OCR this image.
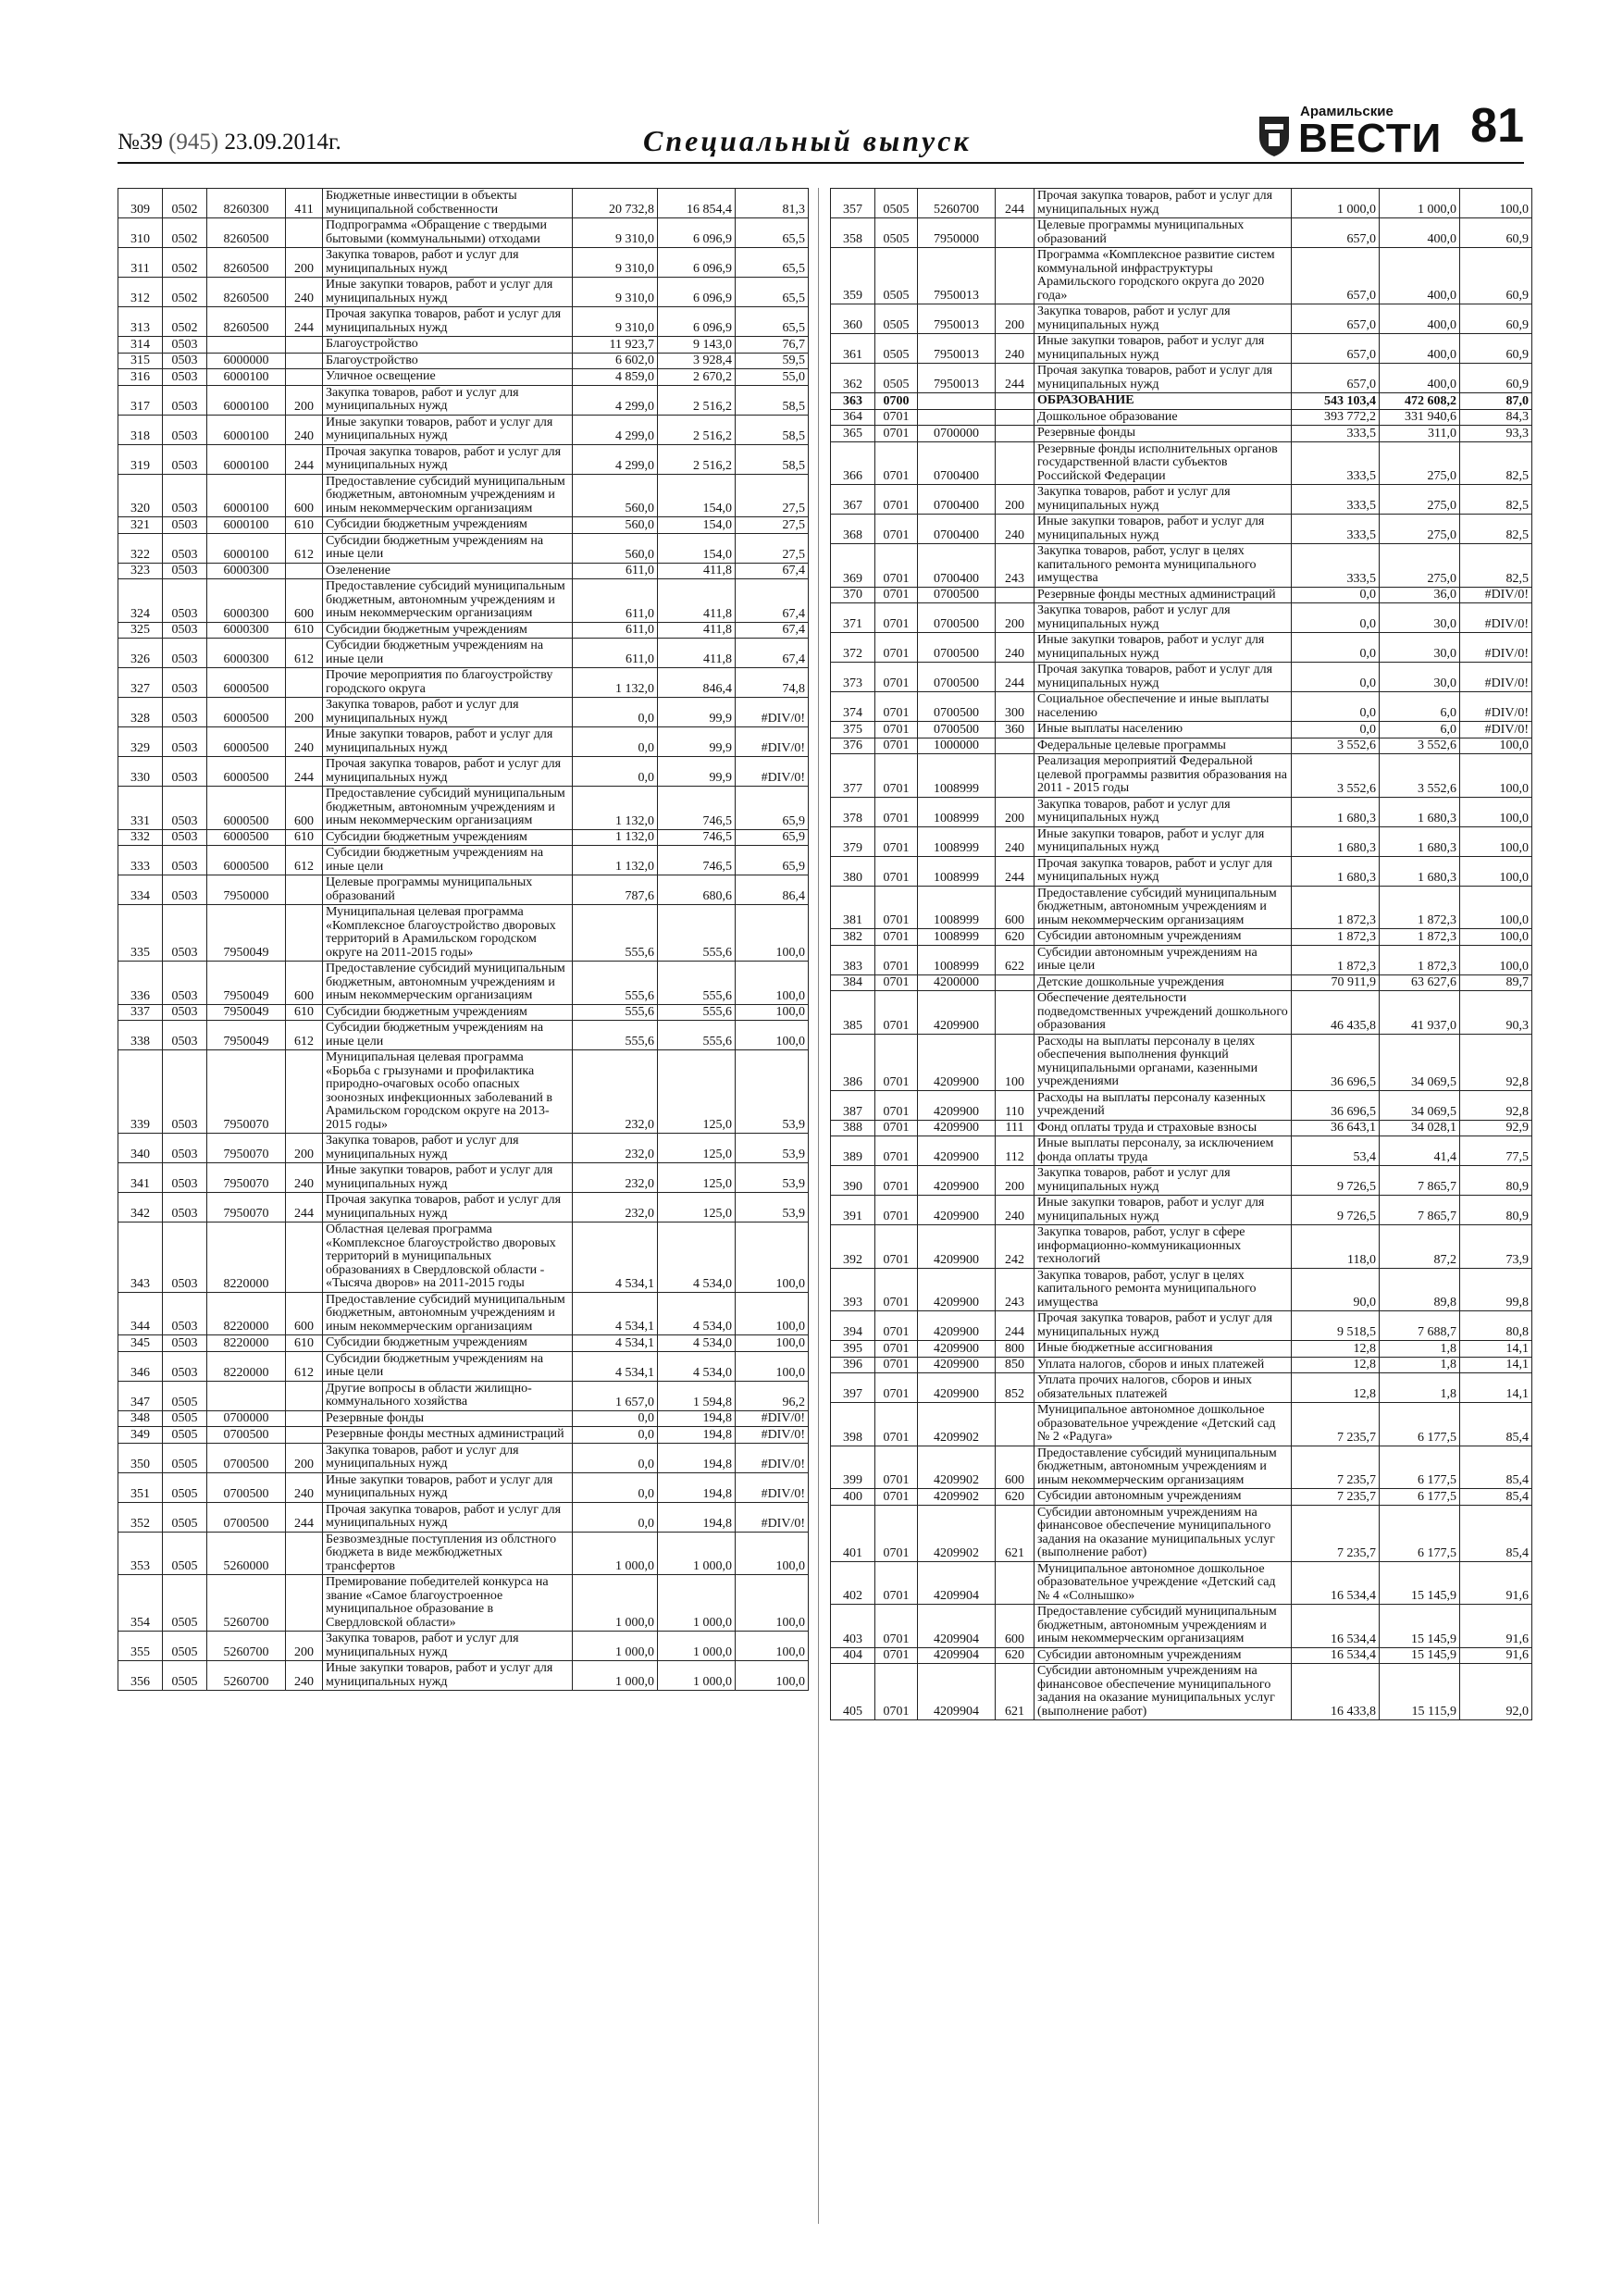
№39 (945) 23.09.2014г.	Специальный выпуск
Арамильские
ВЕСТИ 81
309	0502	8260300	411	Бюджетные инвестиции в объекты муниципальной собственности	20 732,8	16 854,4	81,3
310	0502	8260500		Подпрограмма «Обращение с твердыми бытовыми (коммунальными) отходами	9 310,0	6 096,9	65,5
311	0502	8260500	200	Закупка товаров, работ и услуг для муниципальных нужд	9 310,0	6 096,9	65,5
312	0502	8260500	240	Иные закупки товаров, работ и услуг для муниципальных нужд	9 310,0	6 096,9	65,5
313	0502	8260500	244	Прочая закупка товаров, работ и услуг для муниципальных нужд	9 310,0	6 096,9	65,5
314	0503			Благоустройство	11 923,7	9 143,0	76,7
315	0503	6000000		Благоустройство	6 602,0	3 928,4	59,5
316	0503	6000100		Уличное освещение	4 859,0	2 670,2	55,0
317	0503	6000100	200	Закупка товаров, работ и услуг для муниципальных нужд	4 299,0	2 516,2	58,5
318	0503	6000100	240	Иные закупки товаров, работ и услуг для муниципальных нужд	4 299,0	2 516,2	58,5
319	0503	6000100	244	Прочая закупка товаров, работ и услуг для муниципальных нужд	4 299,0	2 516,2	58,5
320	0503	6000100	600	Предоставление субсидий муниципальным бюджетным, автономным учреждениям и иным некоммерческим организациям	560,0	154,0	27,5
321	0503	6000100	610	Субсидии бюджетным учреждениям	560,0	154,0	27,5
322	0503	6000100	612	Субсидии бюджетным учреждениям на иные цели	560,0	154,0	27,5
323	0503	6000300		Озеленение	611,0	411,8	67,4
324	0503	6000300	600	Предоставление субсидий муниципальным бюджетным, автономным учреждениям и иным некоммерческим организациям	611,0	411,8	67,4
325	0503	6000300	610	Субсидии бюджетным учреждениям	611,0	411,8	67,4
326	0503	6000300	612	Субсидии бюджетным учреждениям на иные цели	611,0	411,8	67,4
327	0503	6000500		Прочие мероприятия по благоустройству городского округа	1 132,0	846,4	74,8
328	0503	6000500	200	Закупка товаров, работ и услуг для муниципальных нужд	0,0	99,9	#DIV/0!
329	0503	6000500	240	Иные закупки товаров, работ и услуг для муниципальных нужд	0,0	99,9	#DIV/0!
330	0503	6000500	244	Прочая закупка товаров, работ и услуг для муниципальных нужд	0,0	99,9	#DIV/0!
331	0503	6000500	600	Предоставление субсидий муниципальным бюджетным, автономным учреждениям и иным некоммерческим организациям	1 132,0	746,5	65,9
332	0503	6000500	610	Субсидии бюджетным учреждениям	1 132,0	746,5	65,9
333	0503	6000500	612	Субсидии бюджетным учреждениям на иные цели	1 132,0	746,5	65,9
334	0503	7950000		Целевые программы муниципальных образований	787,6	680,6	86,4
335	0503	7950049		Муниципальная целевая программа «Комплексное благоустройство дворовых территорий в Арамильском городском округе на 2011-2015 годы»	555,6	555,6	100,0
336	0503	7950049	600	Предоставление субсидий муниципальным бюджетным, автономным учреждениям и иным некоммерческим организациям	555,6	555,6	100,0
337	0503	7950049	610	Субсидии бюджетным учреждениям	555,6	555,6	100,0
338	0503	7950049	612	Субсидии бюджетным учреждениям на иные цели	555,6	555,6	100,0
339	0503	7950070		Муниципальная целевая программа «Борьба с грызунами и профилактика природно-очаговых особо опасных зоонозных инфекционных заболеваний в Арамильском городском округе на 2013-2015 годы»	232,0	125,0	53,9
340	0503	7950070	200	Закупка товаров, работ и услуг для муниципальных нужд	232,0	125,0	53,9
341	0503	7950070	240	Иные закупки товаров, работ и услуг для муниципальных нужд	232,0	125,0	53,9
342	0503	7950070	244	Прочая закупка товаров, работ и услуг для муниципальных нужд	232,0	125,0	53,9
343	0503	8220000		Областная целевая программа «Комплексное благоустройство дворовых территорий в муниципальных образованиях в Свердловской области - «Тысяча дворов» на 2011-2015 годы	4 534,1	4 534,0	100,0
344	0503	8220000	600	Предоставление субсидий муниципальным бюджетным, автономным учреждениям и иным некоммерческим организациям	4 534,1	4 534,0	100,0
345	0503	8220000	610	Субсидии бюджетным учреждениям	4 534,1	4 534,0	100,0
346	0503	8220000	612	Субсидии бюджетным учреждениям на иные цели	4 534,1	4 534,0	100,0
347	0505			Другие вопросы в области жилищно-коммунального хозяйства	1 657,0	1 594,8	96,2
348	0505	0700000		Резервные фонды	0,0	194,8	#DIV/0!
349	0505	0700500		Резервные фонды местных администраций	0,0	194,8	#DIV/0!
350	0505	0700500	200	Закупка товаров, работ и услуг для муниципальных нужд	0,0	194,8	#DIV/0!
351	0505	0700500	240	Иные закупки товаров, работ и услуг для муниципальных нужд	0,0	194,8	#DIV/0!
352	0505	0700500	244	Прочая закупка товаров, работ и услуг для муниципальных нужд	0,0	194,8	#DIV/0!
353	0505	5260000		Безвозмездные поступления из облстного бюджета в виде межбюджетных трансфертов	1 000,0	1 000,0	100,0
354	0505	5260700		Премирование победителей конкурса на звание «Самое благоустроенное муниципальное образование в Свердловской области»	1 000,0	1 000,0	100,0
355	0505	5260700	200	Закупка товаров, работ и услуг для муниципальных нужд	1 000,0	1 000,0	100,0
356	0505	5260700	240	Иные закупки товаров, работ и услуг для муниципальных нужд	1 000,0	1 000,0	100,0
357	0505	5260700	244	Прочая закупка товаров, работ и услуг для муниципальных нужд	1 000,0	1 000,0	100,0
358	0505	7950000		Целевые программы муниципальных образований	657,0	400,0	60,9
359	0505	7950013		Программа «Комплексное развитие систем коммунальной инфраструктуры Арамильского городского округа до 2020 года»	657,0	400,0	60,9
360	0505	7950013	200	Закупка товаров, работ и услуг для муниципальных нужд	657,0	400,0	60,9
361	0505	7950013	240	Иные закупки товаров, работ и услуг для муниципальных нужд	657,0	400,0	60,9
362	0505	7950013	244	Прочая закупка товаров, работ и услуг для муниципальных нужд	657,0	400,0	60,9
363	0700			ОБРАЗОВАНИЕ	543 103,4	472 608,2	87,0
364	0701			Дошкольное образование	393 772,2	331 940,6	84,3
365	0701	0700000		Резервные фонды	333,5	311,0	93,3
366	0701	0700400		Резервные фонды исполнительных органов государственной власти субъектов Российской Федерации	333,5	275,0	82,5
367	0701	0700400	200	Закупка товаров, работ и услуг для муниципальных нужд	333,5	275,0	82,5
368	0701	0700400	240	Иные закупки товаров, работ и услуг для муниципальных нужд	333,5	275,0	82,5
369	0701	0700400	243	Закупка товаров, работ, услуг в целях капитального ремонта муниципального имущества	333,5	275,0	82,5
370	0701	0700500		Резервные фонды местных администраций	0,0	36,0	#DIV/0!
371	0701	0700500	200	Закупка товаров, работ и услуг для муниципальных нужд	0,0	30,0	#DIV/0!
372	0701	0700500	240	Иные закупки товаров, работ и услуг для муниципальных нужд	0,0	30,0	#DIV/0!
373	0701	0700500	244	Прочая закупка товаров, работ и услуг для муниципальных нужд	0,0	30,0	#DIV/0!
374	0701	0700500	300	Социальное обеспечение и иные выплаты населению	0,0	6,0	#DIV/0!
375	0701	0700500	360	Иные выплаты населению	0,0	6,0	#DIV/0!
376	0701	1000000		Федеральные целевые программы	3 552,6	3 552,6	100,0
377	0701	1008999		Реализация мероприятий Федеральной целевой программы развития образования на 2011 - 2015 годы	3 552,6	3 552,6	100,0
378	0701	1008999	200	Закупка товаров, работ и услуг для муниципальных нужд	1 680,3	1 680,3	100,0
379	0701	1008999	240	Иные закупки товаров, работ и услуг для муниципальных нужд	1 680,3	1 680,3	100,0
380	0701	1008999	244	Прочая закупка товаров, работ и услуг для муниципальных нужд	1 680,3	1 680,3	100,0
381	0701	1008999	600	Предоставление субсидий муниципальным бюджетным, автономным учреждениям и иным некоммерческим организациям	1 872,3	1 872,3	100,0
382	0701	1008999	620	Субсидии автономным учреждениям	1 872,3	1 872,3	100,0
383	0701	1008999	622	Субсидии автономным учреждениям на иные цели	1 872,3	1 872,3	100,0
384	0701	4200000		Детские дошкольные учреждения	70 911,9	63 627,6	89,7
385	0701	4209900		Обеспечение деятельности подведомственных учреждений дошкольного образования	46 435,8	41 937,0	90,3
386	0701	4209900	100	Расходы на выплаты персоналу в целях обеспечения выполнения функций муниципальными органами, казенными учреждениями	36 696,5	34 069,5	92,8
387	0701	4209900	110	Расходы на выплаты персоналу казенных учреждений	36 696,5	34 069,5	92,8
388	0701	4209900	111	Фонд оплаты труда и страховые взносы	36 643,1	34 028,1	92,9
389	0701	4209900	112	Иные выплаты персоналу, за исключением фонда оплаты труда	53,4	41,4	77,5
390	0701	4209900	200	Закупка товаров, работ и услуг для муниципальных нужд	9 726,5	7 865,7	80,9
391	0701	4209900	240	Иные закупки товаров, работ и услуг для муниципальных нужд	9 726,5	7 865,7	80,9
392	0701	4209900	242	Закупка товаров, работ, услуг в сфере информационно-коммуникационных технологий	118,0	87,2	73,9
393	0701	4209900	243	Закупка товаров, работ, услуг в целях капитального ремонта муниципального имущества	90,0	89,8	99,8
394	0701	4209900	244	Прочая закупка товаров, работ и услуг для муниципальных нужд	9 518,5	7 688,7	80,8
395	0701	4209900	800	Иные бюджетные ассигнования	12,8	1,8	14,1
396	0701	4209900	850	Уплата налогов, сборов и иных платежей	12,8	1,8	14,1
397	0701	4209900	852	Уплата прочих налогов, сборов и иных обязательных платежей	12,8	1,8	14,1
398	0701	4209902		Муниципальное автономное дошкольное образовательное учреждение «Детский сад № 2 «Радуга»	7 235,7	6 177,5	85,4
399	0701	4209902	600	Предоставление субсидий муниципальным бюджетным, автономным учреждениям и иным некоммерческим организациям	7 235,7	6 177,5	85,4
400	0701	4209902	620	Субсидии автономным учреждениям	7 235,7	6 177,5	85,4
401	0701	4209902	621	Субсидии автономным учреждениям на финансовое обеспечение муниципального задания на оказание муниципальных услуг (выполнение работ)	7 235,7	6 177,5	85,4
402	0701	4209904		Муниципальное автономное дошкольное образовательное учреждение «Детский сад № 4 «Солнышко»	16 534,4	15 145,9	91,6
403	0701	4209904	600	Предоставление субсидий муниципальным бюджетным, автономным учреждениям и иным некоммерческим организациям	16 534,4	15 145,9	91,6
404	0701	4209904	620	Субсидии автономным учреждениям	16 534,4	15 145,9	91,6
405	0701	4209904	621	Субсидии автономным учреждениям на финансовое обеспечение муниципального задания на оказание муниципальных услуг (выполнение работ)	16 433,8	15 115,9	92,0
